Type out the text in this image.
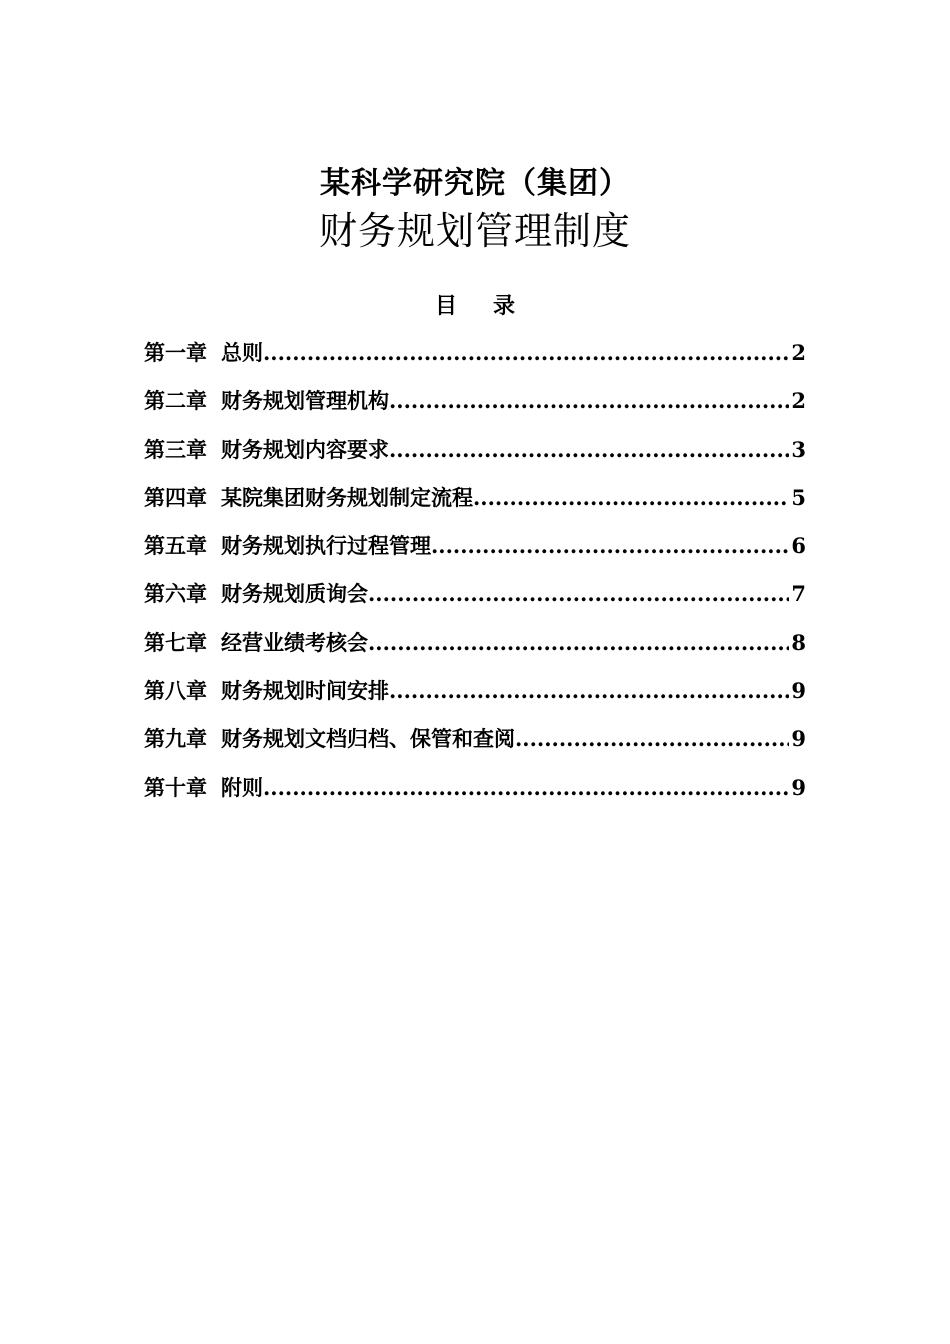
某科学研究院（集团）
财务规划管理制度
目录
第一章 总则 .....	2
第二章 财务规划管理机构 .....	2
第三章 财务规划内容要求 .....	3
第四章 某院集团财务规划制定流程 .....	5
第五章 财务规划执行过程管理 .....	6
第六章 财务规划质询会 .....	7
第七章 经营业绩考核会 .....	8
第八章 财务规划时间安排 .....	9
第九章 财务规划文档归档、保管和查阅 .....	9
第十章 附则 .....	9
